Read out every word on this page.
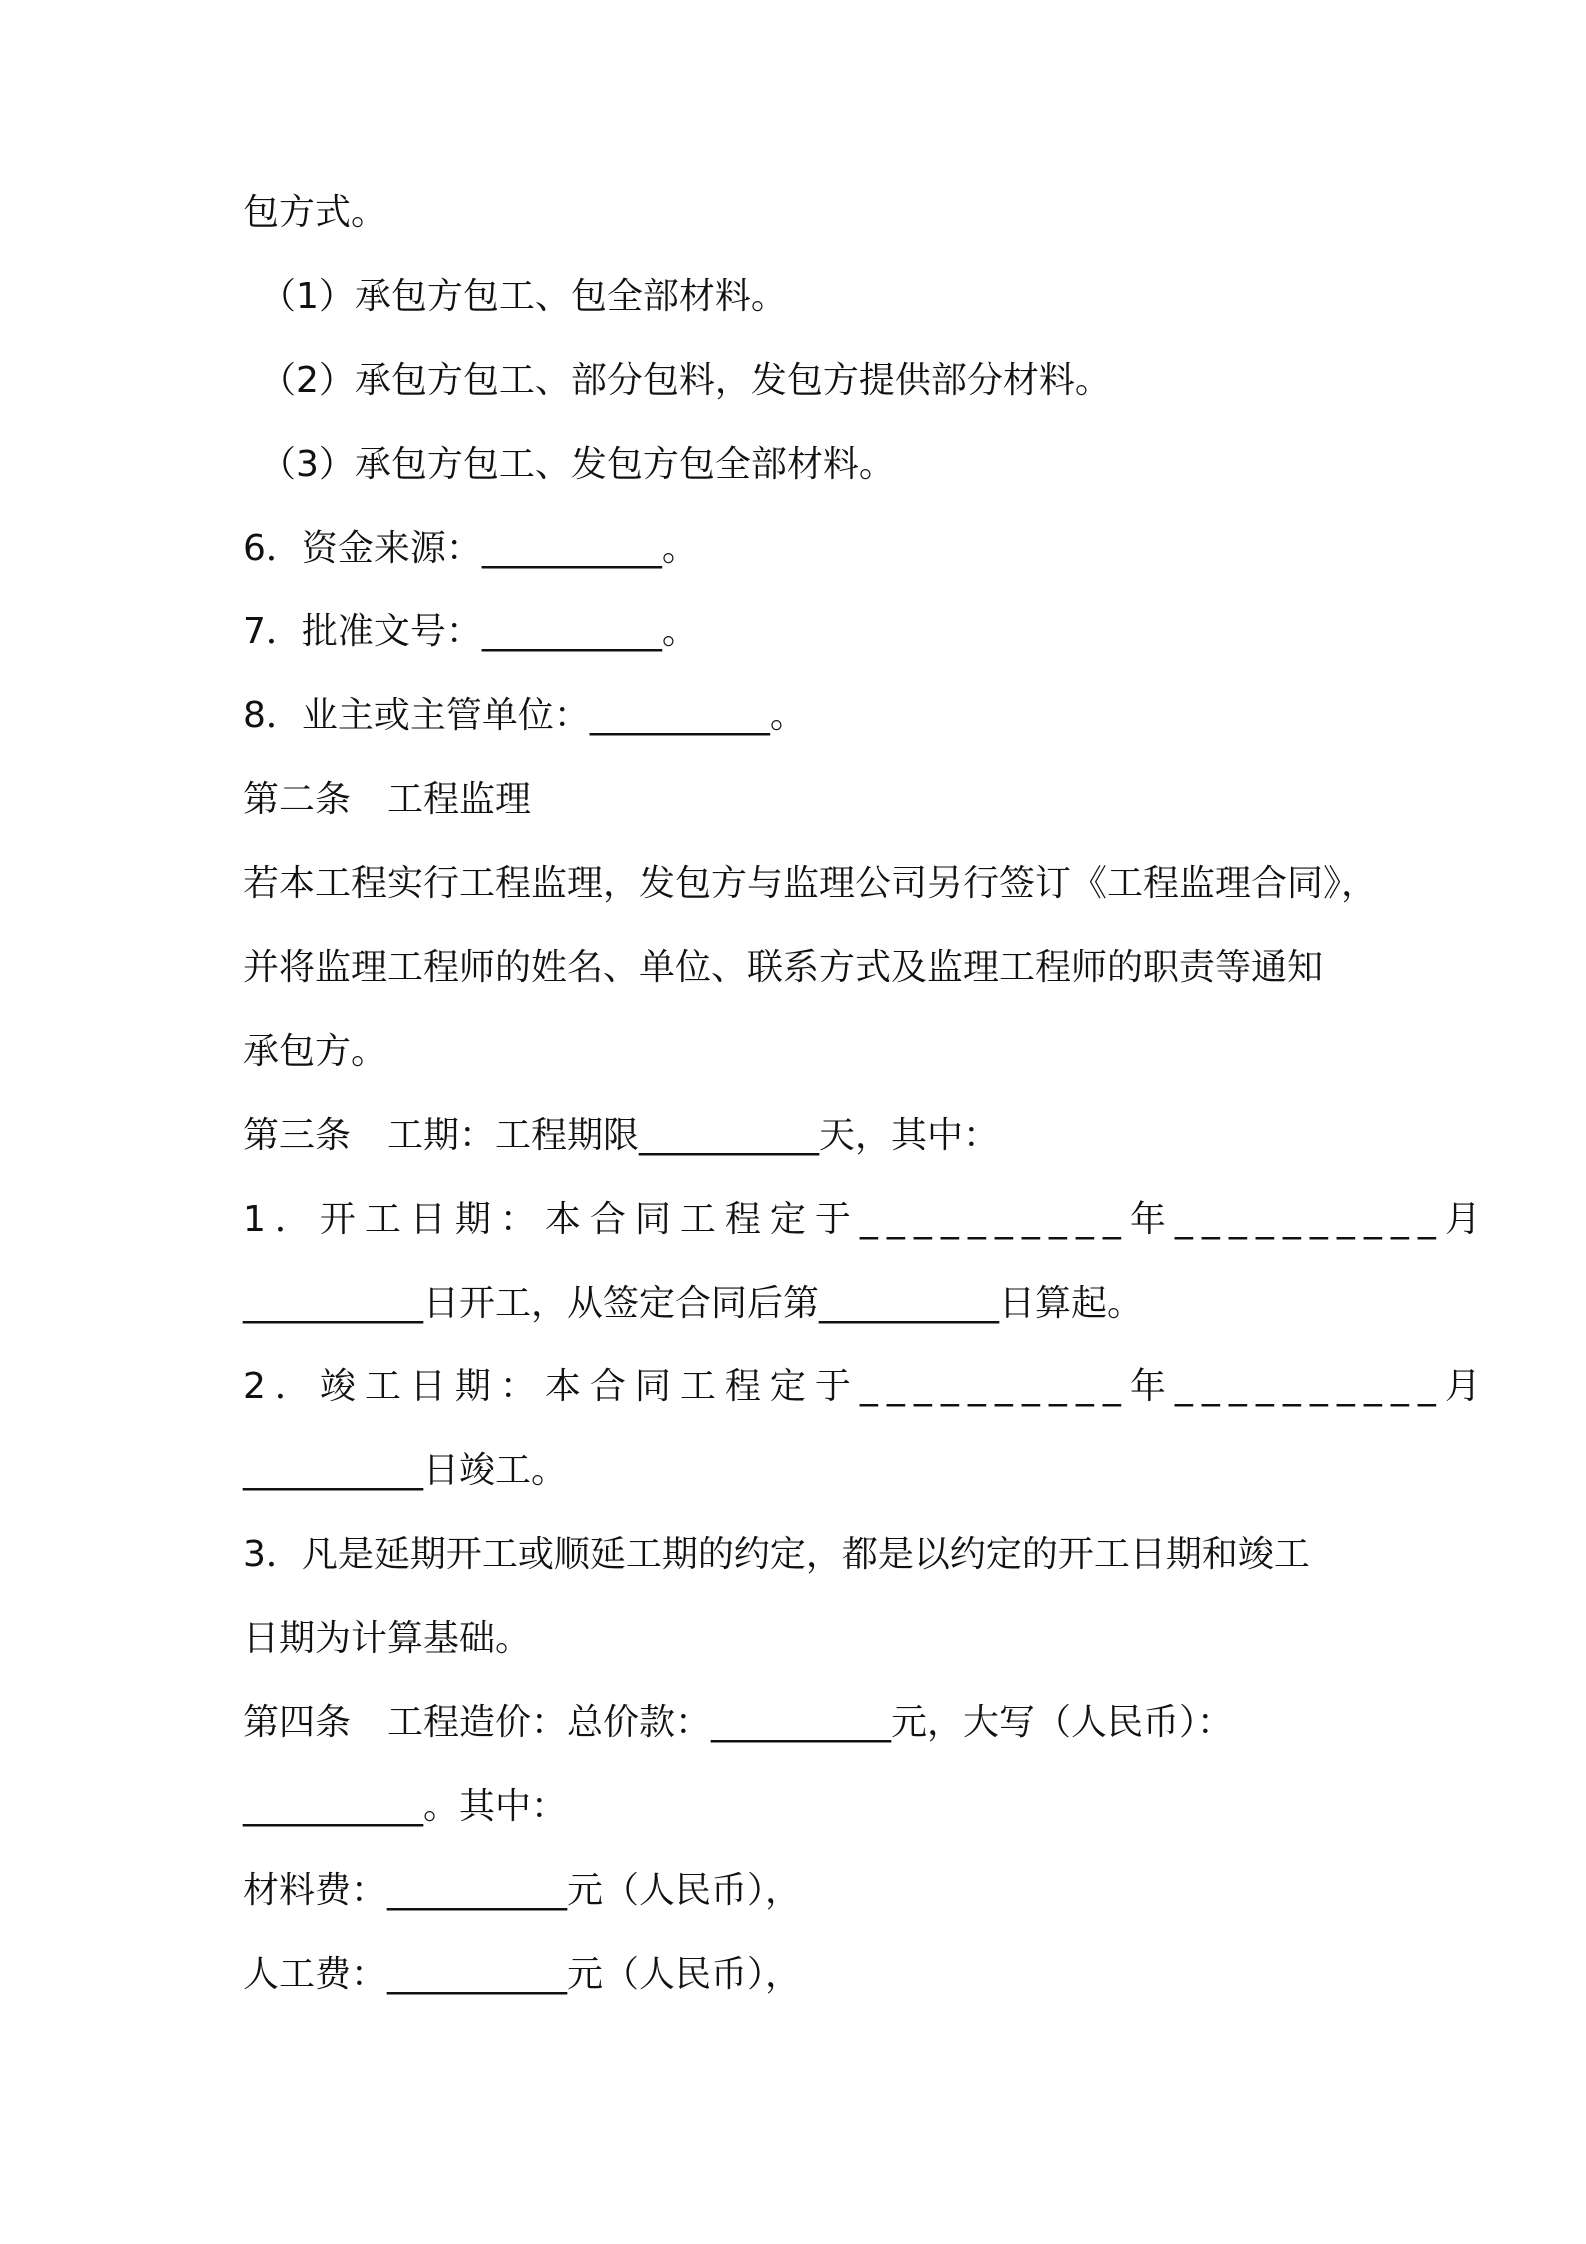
包方式。
（1）承包方包工、包全部材料。
（2）承包方包工、部分包料，发包方提供部分材料。
（3）承包方包工、发包方包全部材料。
6．资金来源：__________。
7．批准文号：__________。
8．业主或主管单位：__________。
第二条　工程监理
若本工程实行工程监理，发包方与监理公司另行签订《工程监理合同》，
并将监理工程师的姓名、单位、联系方式及监理工程师的职责等通知
承包方。
第三条　工期：工程期限__________天，其中：
1．开工日期：本合同工程定于__________年__________月
__________日开工，从签定合同后第__________日算起。
2．竣工日期：本合同工程定于__________年__________月
__________日竣工。
3．凡是延期开工或顺延工期的约定，都是以约定的开工日期和竣工
日期为计算基础。
第四条　工程造价：总价款：__________元，大写（人民币）：
__________。其中：
材料费：__________元（人民币），
人工费：__________元（人民币），
